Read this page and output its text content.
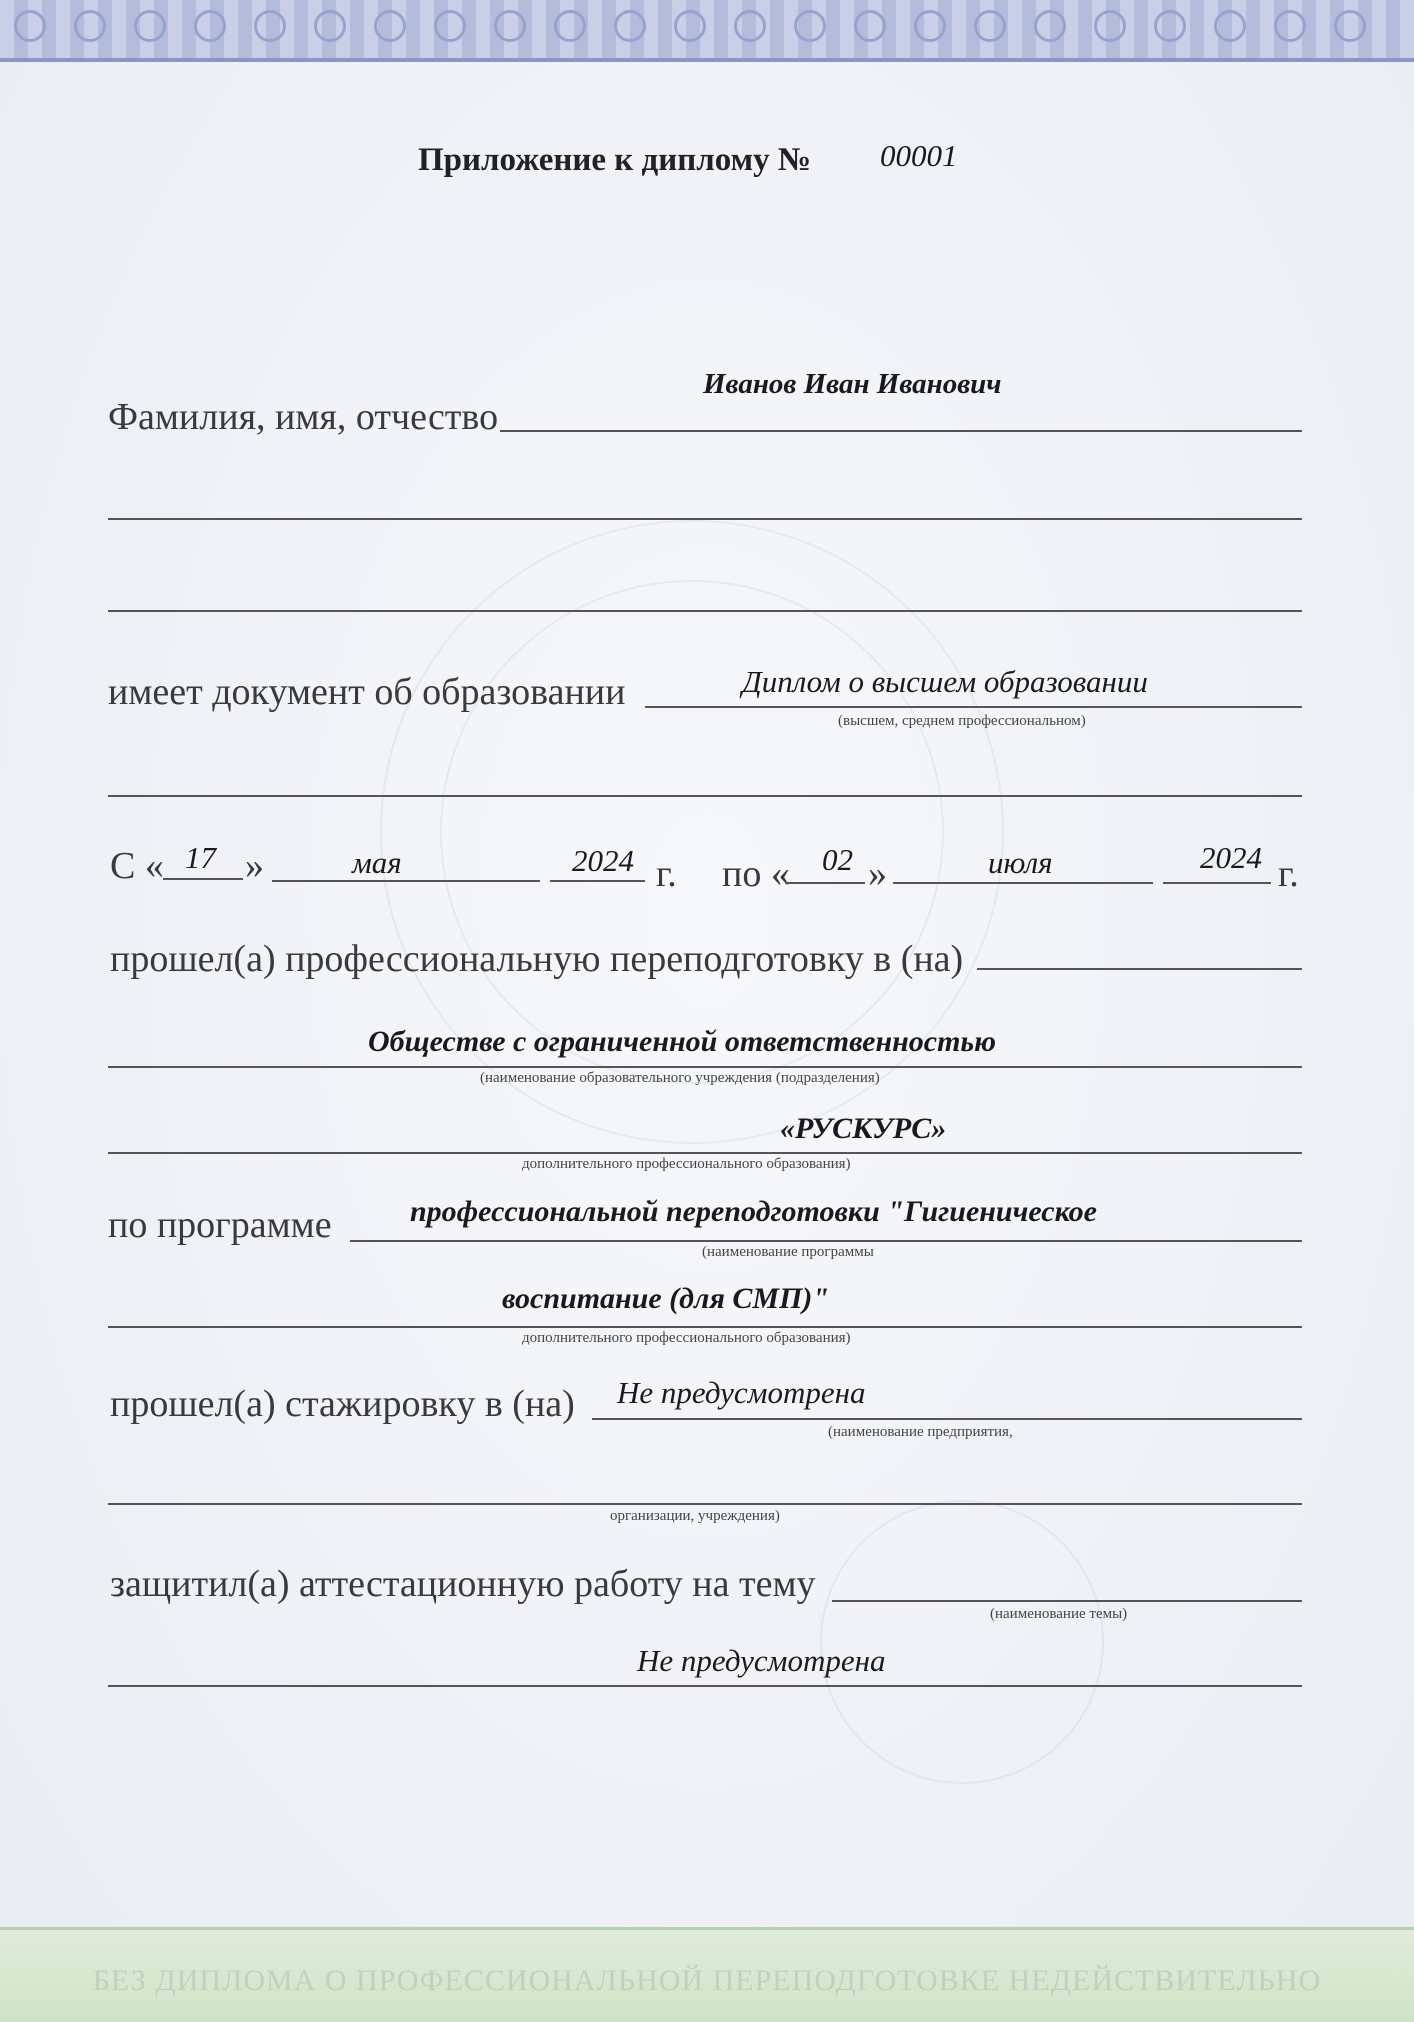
Приложение к диплому № 00001
Фамилия, имя, отчество
Иванов Иван Иванович
имеет документ об образовании	Диплом о высшем образовании
(высшем, среднем профессиональном)
С « 17 »	мая	2024 г. по « 02 »	июля	2024 г.
прошел(а) профессиональную переподготовку в (на)
Обществе с ограниченной ответственностью
(наименование образовательного учреждения (подразделения)
«РУСКУРС»
дополнительного профессионального образования)
по программе	профессиональной переподготовки "Гигиеническое
(наименование программы
воспитание (для СМП)"
дополнительного профессионального образования)
прошел(а) стажировку в (на) Не предусмотрена
(наименование предприятия,
организации, учреждения)
защитил(а) аттестационную работу на тему
(наименование темы)
Не предусмотрена
БЕЗ ДИПЛОМА О ПРОФЕССИОНАЛЬНОЙ ПЕРЕПОДГОТОВКЕ НЕДЕЙСТВИТЕЛЬНО
